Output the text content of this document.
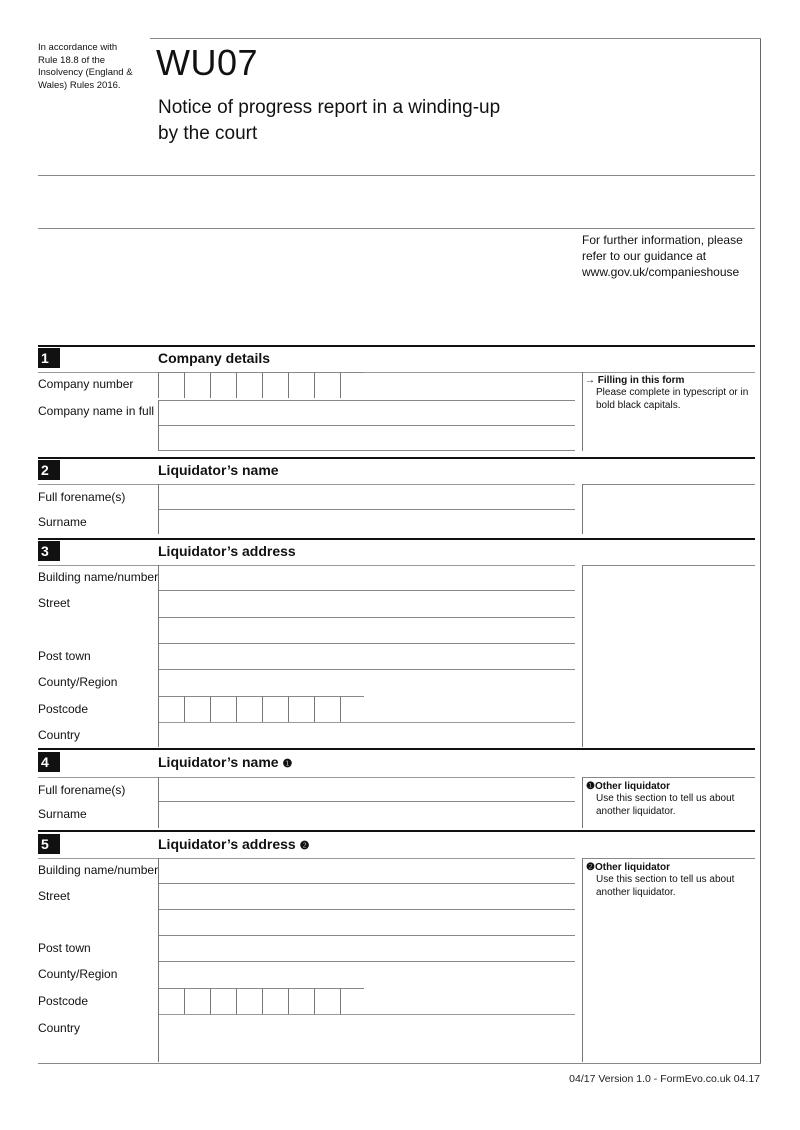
In accordance with
Rule 18.8 of the
Insolvency (England &
Wales) Rules 2016.
WU07
Notice of progress report in a winding-up
by the court
For further information, please
refer to our guidance at
www.gov.uk/companieshouse
1	Company details
Company number
Company name in full
→ Filling in this form
Please complete in typescript or in
bold black capitals.
2	Liquidator’s name
Full forename(s)
Surname
3	Liquidator’s address
Building name/number
Street
Post town
County/Region
Postcode
Country
4	Liquidator’s name ❶
Full forename(s)
Surname
❶Other liquidator
Use this section to tell us about
another liquidator.
5	Liquidator’s address ❷
Building name/number
Street
Post town
County/Region
Postcode
Country
❷Other liquidator
Use this section to tell us about
another liquidator.
04/17 Version 1.0 - FormEvo.co.uk 04.17
